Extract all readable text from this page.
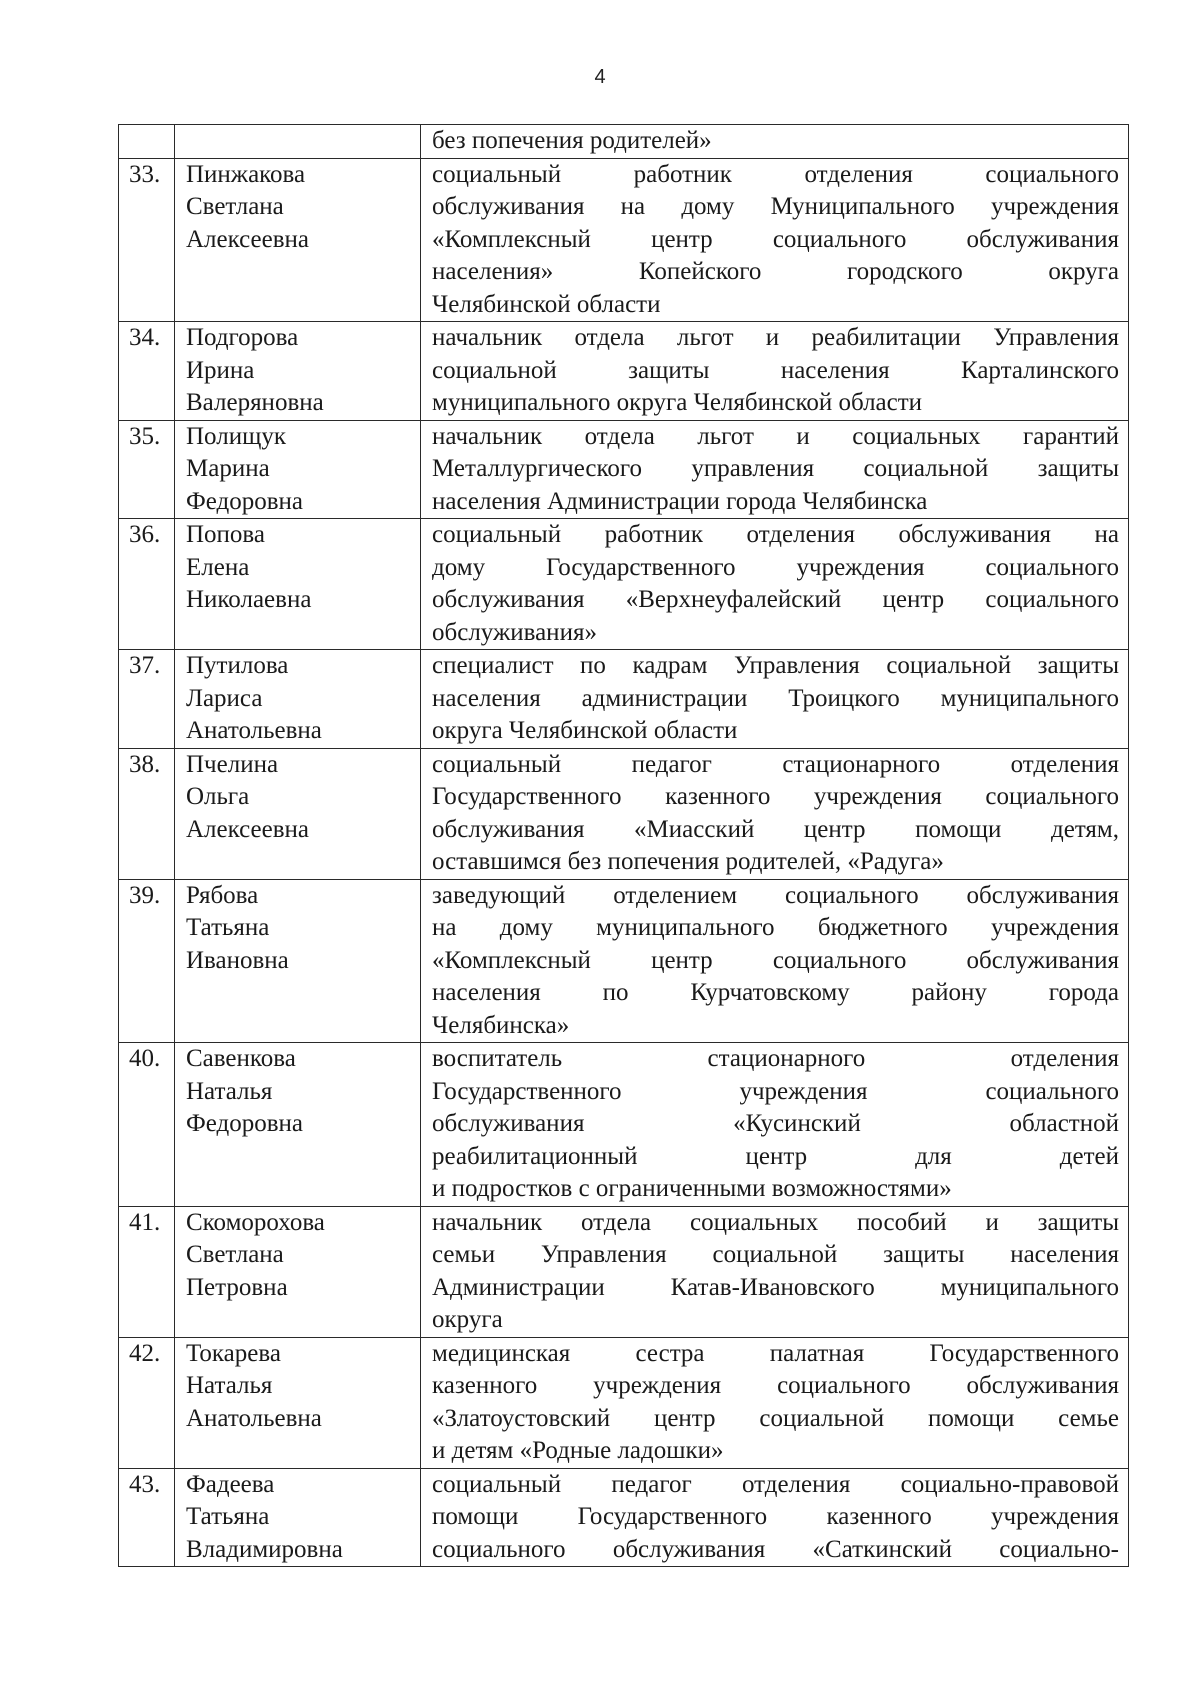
4

		без попечения родителей»

33.	Пинжакова
Светлана
Алексеевна	социальный работник отделения социального
обслуживания на дому Муниципального учреждения
«Комплексный центр социального обслуживания
населения» Копейского городского округа
Челябинской области

34.	Подгорова
Ирина
Валеряновна	начальник отдела льгот и реабилитации Управления
социальной защиты населения Карталинского
муниципального округа Челябинской области

35.	Полищук
Марина
Федоровна	начальник отдела льгот и социальных гарантий
Металлургического управления социальной защиты
населения Администрации города Челябинска

36.	Попова
Елена
Николаевна	социальный работник отделения обслуживания на
дому Государственного учреждения социального
обслуживания «Верхнеуфалейский центр социального
обслуживания»

37.	Путилова
Лариса
Анатольевна	специалист по кадрам Управления социальной защиты
населения администрации Троицкого муниципального
округа Челябинской области

38.	Пчелина
Ольга
Алексеевна	социальный педагог стационарного отделения
Государственного казенного учреждения социального
обслуживания «Миасский центр помощи детям,
оставшимся без попечения родителей, «Радуга»

39.	Рябова
Татьяна
Ивановна	заведующий отделением социального обслуживания
на дому муниципального бюджетного учреждения
«Комплексный центр социального обслуживания
населения по Курчатовскому району города
Челябинска»

40.	Савенкова
Наталья
Федоровна	воспитатель стационарного отделения
Государственного учреждения социального
обслуживания «Кусинский областной
реабилитационный центр для детей
и подростков с ограниченными возможностями»

41.	Скоморохова
Светлана
Петровна	начальник отдела социальных пособий и защиты
семьи Управления социальной защиты населения
Администрации Катав-Ивановского муниципального
округа

42.	Токарева
Наталья
Анатольевна	медицинская сестра палатная Государственного
казенного учреждения социального обслуживания
«Златоустовский центр социальной помощи семье
и детям «Родные ладошки»

43.	Фадеева
Татьяна
Владимировна	социальный педагог отделения социально-правовой
помощи Государственного казенного учреждения
социального обслуживания «Саткинский социально-
